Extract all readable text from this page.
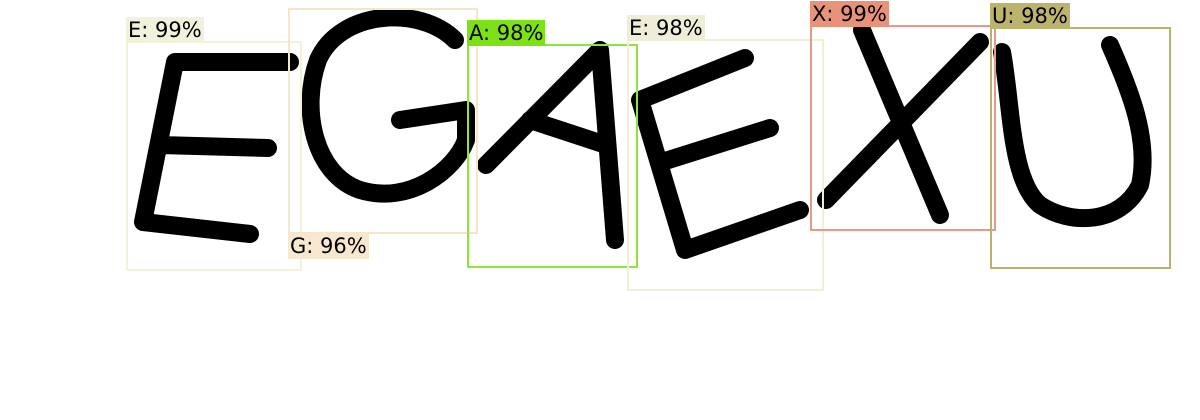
E: 99%
G: 96%
A: 98%	E: 98%
X: 99%	U: 98%
